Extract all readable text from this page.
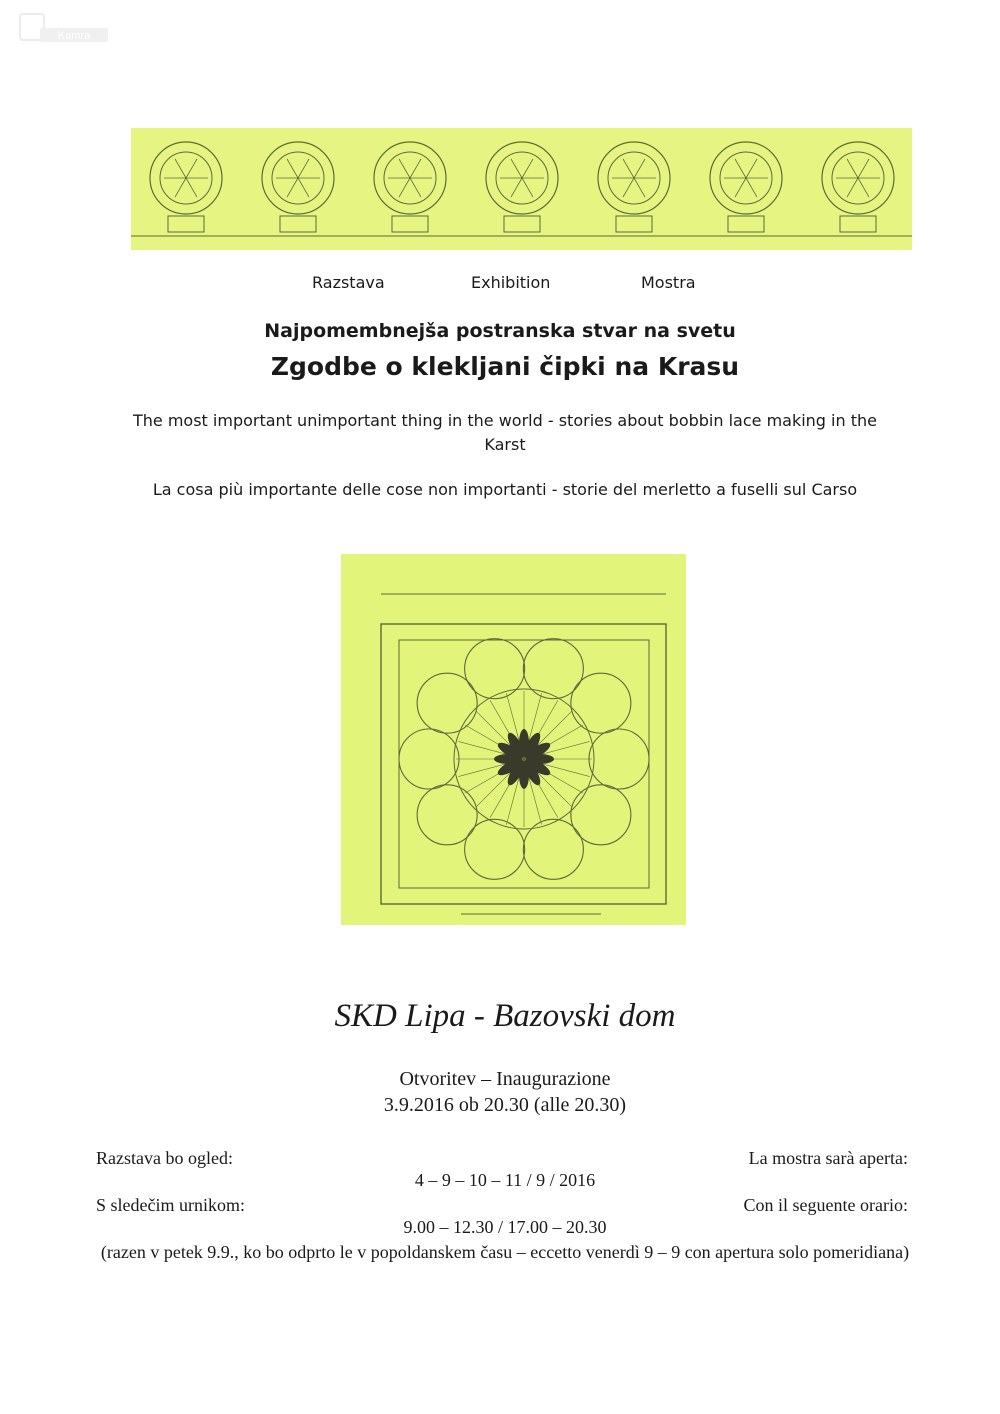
Kamra
Razstava	Exhibition	Mostra
Najpomembnejša postranska stvar na svetu
Zgodbe o klekljani čipki na Krasu
The most important unimportant thing in the world - stories about bobbin lace making in the Karst
La cosa più importante delle cose non importanti - storie del merletto a fuselli sul Carso
SKD Lipa - Bazovski dom
Otvoritev – Inaugurazione
3.9.2016 ob 20.30 (alle 20.30)
Razstava bo ogled:	La mostra sarà aperta:
4 – 9 – 10 – 11 / 9 / 2016
S sledečim urnikom:	Con il seguente orario:
9.00 – 12.30 / 17.00 – 20.30
(razen v petek 9.9., ko bo odprto le v popoldanskem času – eccetto venerdì 9 – 9 con apertura solo pomeridiana)
